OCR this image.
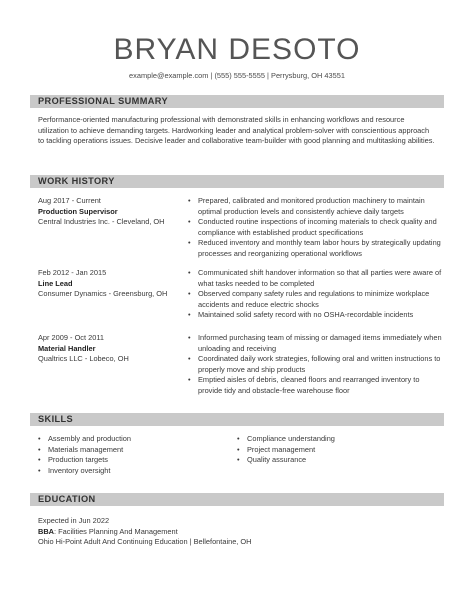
BRYAN DESOTO
example@example.com | (555) 555-5555 | Perrysburg, OH 43551
PROFESSIONAL SUMMARY
Performance-oriented manufacturing professional with demonstrated skills in enhancing workflows and resource utilization to achieve demanding targets. Hardworking leader and analytical problem-solver with conscientious approach to tackling operations issues. Decisive leader and collaborative team-builder with good planning and multitasking abilities.
WORK HISTORY
Aug 2017 - Current
Production Supervisor
Central Industries Inc. - Cleveland, OH
• Prepared, calibrated and monitored production machinery to maintain optimal production levels and consistently achieve daily targets
• Conducted routine inspections of incoming materials to check quality and compliance with established product specifications
• Reduced inventory and monthly team labor hours by strategically updating processes and reorganizing operational workflows
Feb 2012 - Jan 2015
Line Lead
Consumer Dynamics - Greensburg, OH
• Communicated shift handover information so that all parties were aware of what tasks needed to be completed
• Observed company safety rules and regulations to minimize workplace accidents and reduce electric shocks
• Maintained solid safety record with no OSHA-recordable incidents
Apr 2009 - Oct 2011
Material Handler
Qualtrics LLC - Lobeco, OH
• Informed purchasing team of missing or damaged items immediately when unloading and receiving
• Coordinated daily work strategies, following oral and written instructions to properly move and ship products
• Emptied aisles of debris, cleaned floors and rearranged inventory to provide tidy and obstacle-free warehouse floor
SKILLS
• Assembly and production
• Materials management
• Production targets
• Inventory oversight
• Compliance understanding
• Project management
• Quality assurance
EDUCATION
Expected in Jun 2022
BBA: Facilities Planning And Management
Ohio Hi-Point Adult And Continuing Education | Bellefontaine, OH
